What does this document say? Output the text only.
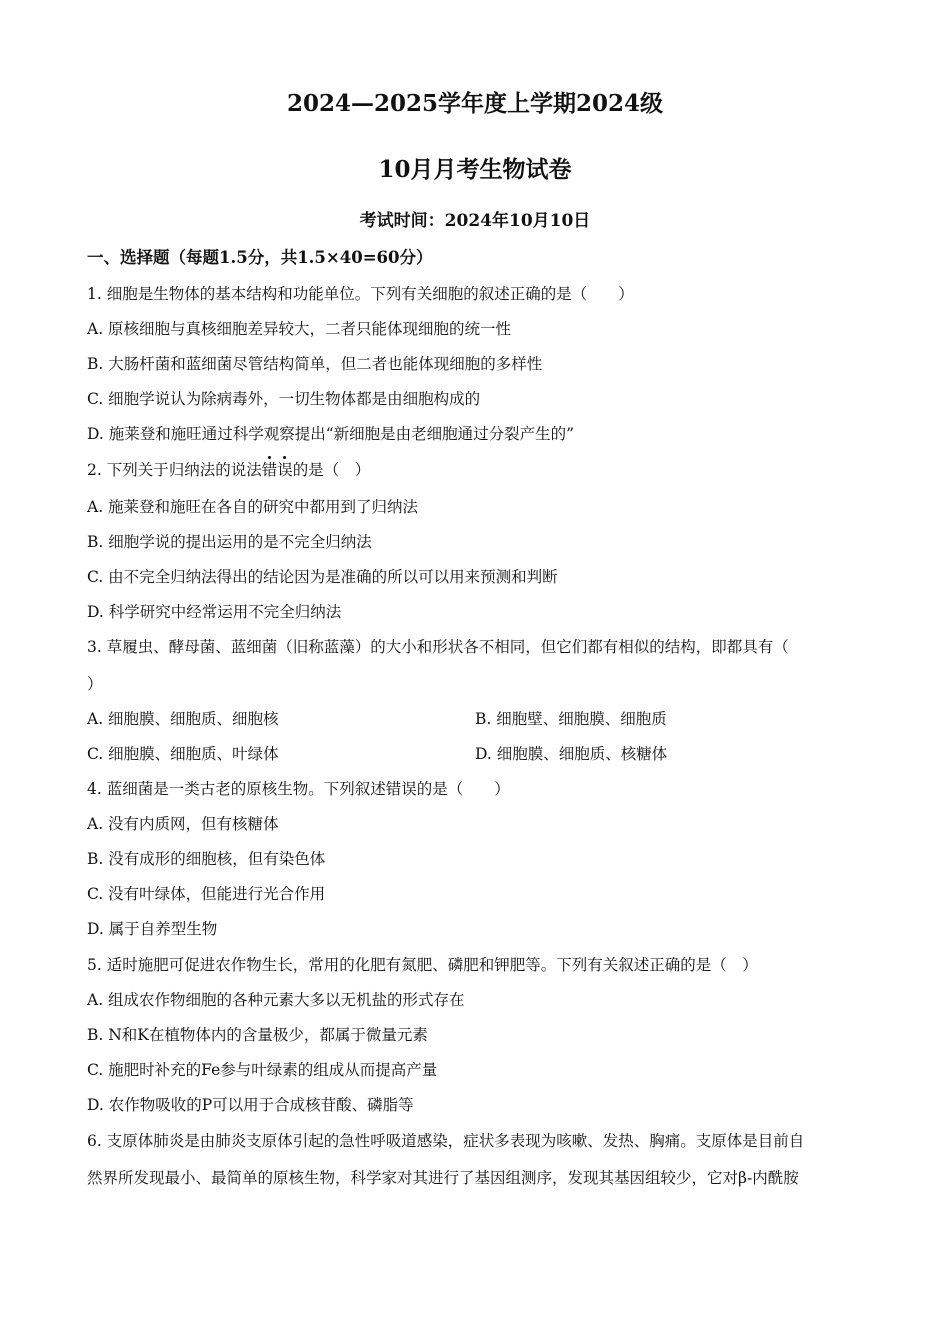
2024—2025学年度上学期2024级
10月月考生物试卷
考试时间：2024年10月10日
一、选择题（每题1.5分，共1.5×40=60分）
1. 细胞是生物体的基本结构和功能单位。下列有关细胞的叙述正确的是（　　）
A. 原核细胞与真核细胞差异较大，二者只能体现细胞的统一性
B. 大肠杆菌和蓝细菌尽管结构简单，但二者也能体现细胞的多样性
C. 细胞学说认为除病毒外，一切生物体都是由细胞构成的
D. 施莱登和施旺通过科学观察提出“新细胞是由老细胞通过分裂产生的”
2. 下列关于归纳法的说法错误的是（　）
A. 施莱登和施旺在各自的研究中都用到了归纳法
B. 细胞学说的提出运用的是不完全归纳法
C. 由不完全归纳法得出的结论因为是准确的所以可以用来预测和判断
D. 科学研究中经常运用不完全归纳法
3. 草履虫、酵母菌、蓝细菌（旧称蓝藻）的大小和形状各不相同，但它们都有相似的结构，即都具有（
）
A. 细胞膜、细胞质、细胞核	B. 细胞壁、细胞膜、细胞质
C. 细胞膜、细胞质、叶绿体	D. 细胞膜、细胞质、核糖体
4. 蓝细菌是一类古老的原核生物。下列叙述错误的是（　　）
A. 没有内质网，但有核糖体
B. 没有成形的细胞核，但有染色体
C. 没有叶绿体，但能进行光合作用
D. 属于自养型生物
5. 适时施肥可促进农作物生长，常用的化肥有氮肥、磷肥和钾肥等。下列有关叙述正确的是（　）
A. 组成农作物细胞的各种元素大多以无机盐的形式存在
B. N和K在植物体内的含量极少，都属于微量元素
C. 施肥时补充的Fe参与叶绿素的组成从而提高产量
D. 农作物吸收的P可以用于合成核苷酸、磷脂等
6. 支原体肺炎是由肺炎支原体引起的急性呼吸道感染，症状多表现为咳嗽、发热、胸痛。支原体是目前自
然界所发现最小、最简单的原核生物，科学家对其进行了基因组测序，发现其基因组较少，它对β-内酰胺
